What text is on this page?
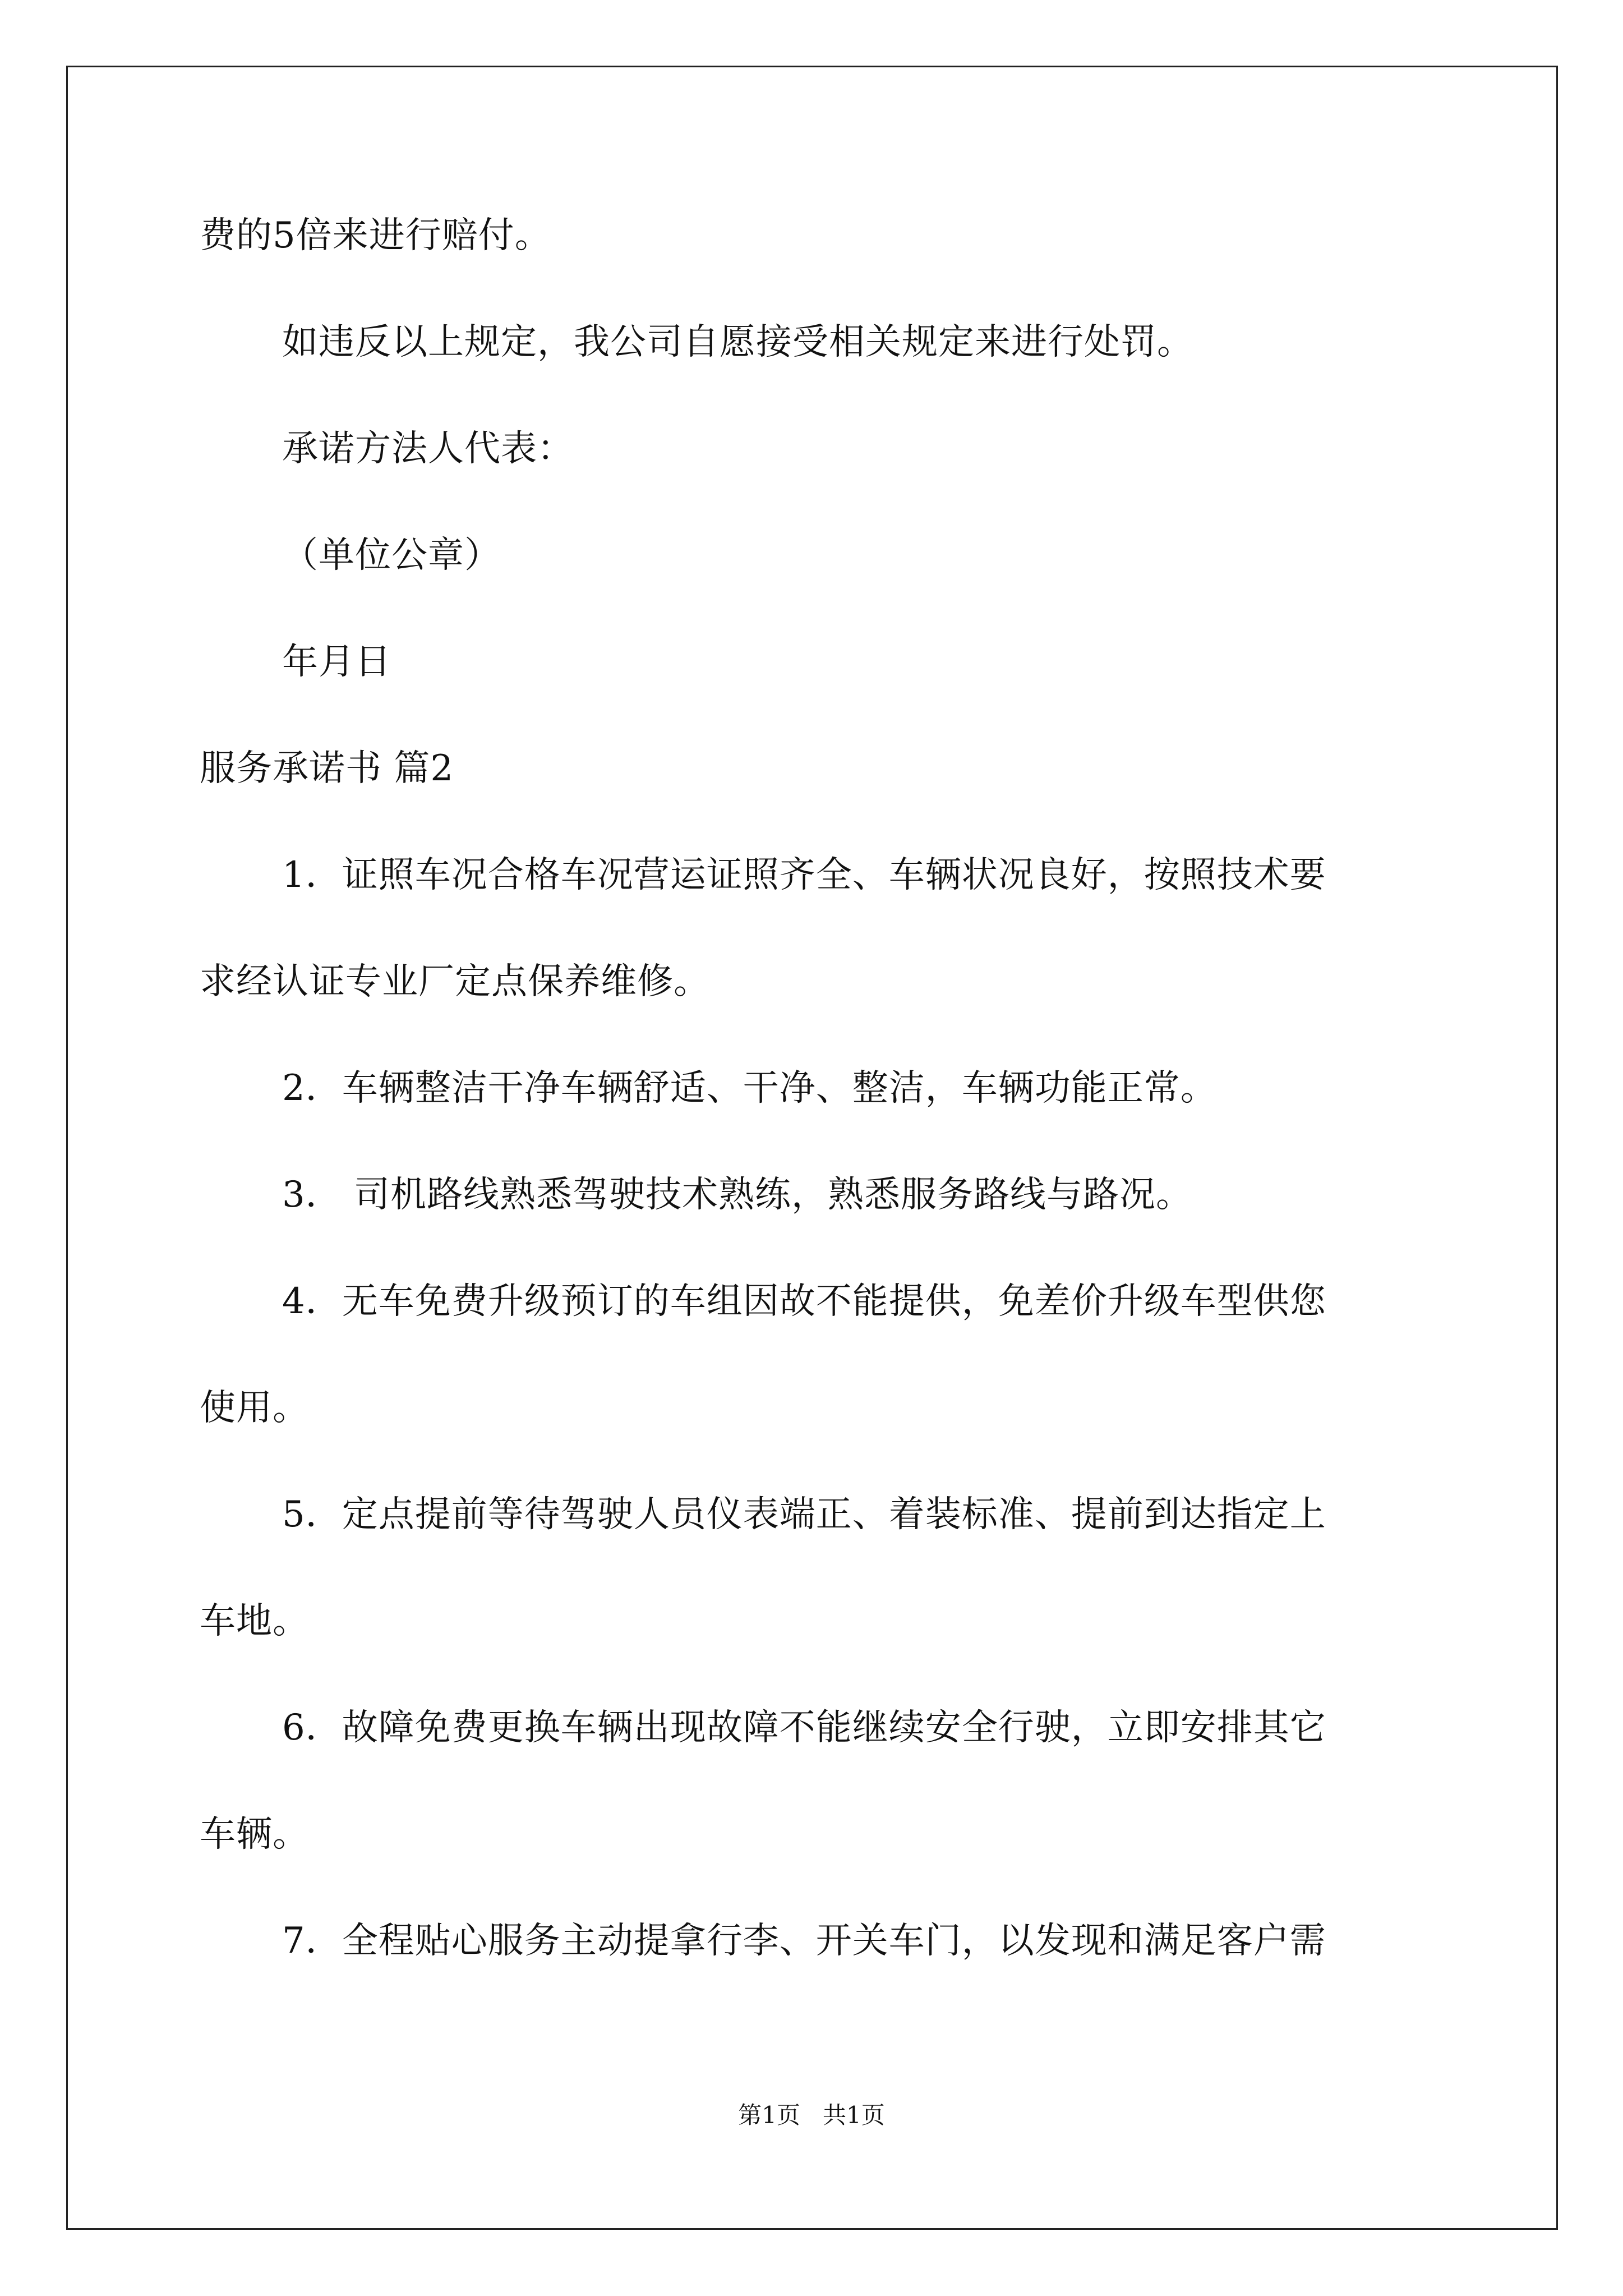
费的5倍来进行赔付。

如违反以上规定，我公司自愿接受相关规定来进行处罚。

承诺方法人代表：

（单位公章）

年月日

服务承诺书 篇2

1．证照车况合格车况营运证照齐全、车辆状况良好，按照技术要

求经认证专业厂定点保养维修。

2．车辆整洁干净车辆舒适、干净、整洁，车辆功能正常。

3． 司机路线熟悉驾驶技术熟练，熟悉服务路线与路况。

4．无车免费升级预订的车组因故不能提供，免差价升级车型供您

使用。

5．定点提前等待驾驶人员仪表端正、着装标准、提前到达指定上

车地。

6．故障免费更换车辆出现故障不能继续安全行驶，立即安排其它

车辆。

7．全程贴心服务主动提拿行李、开关车门，以发现和满足客户需

第1页   共1页
